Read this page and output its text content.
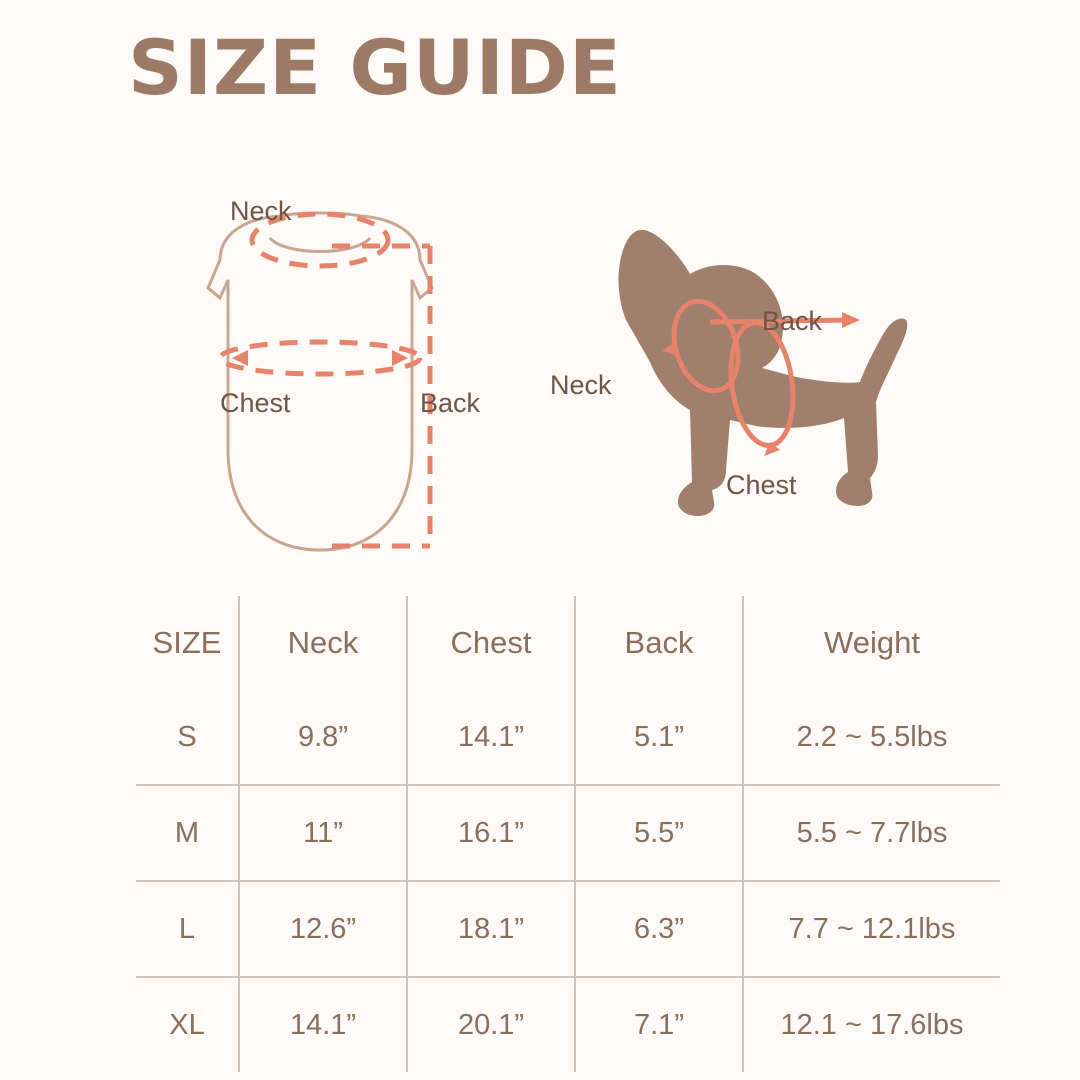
SIZE GUIDE
Neck
Chest	Back
Neck
Back
Chest
SIZE	Neck	Chest	Back	Weight
S	9.8”	14.1”	5.1”	2.2 ~ 5.5lbs
M	11”	16.1”	5.5”	5.5 ~ 7.7lbs
L	12.6”	18.1”	6.3”	7.7 ~ 12.1lbs
XL	14.1”	20.1”	7.1”	12.1 ~ 17.6lbs
